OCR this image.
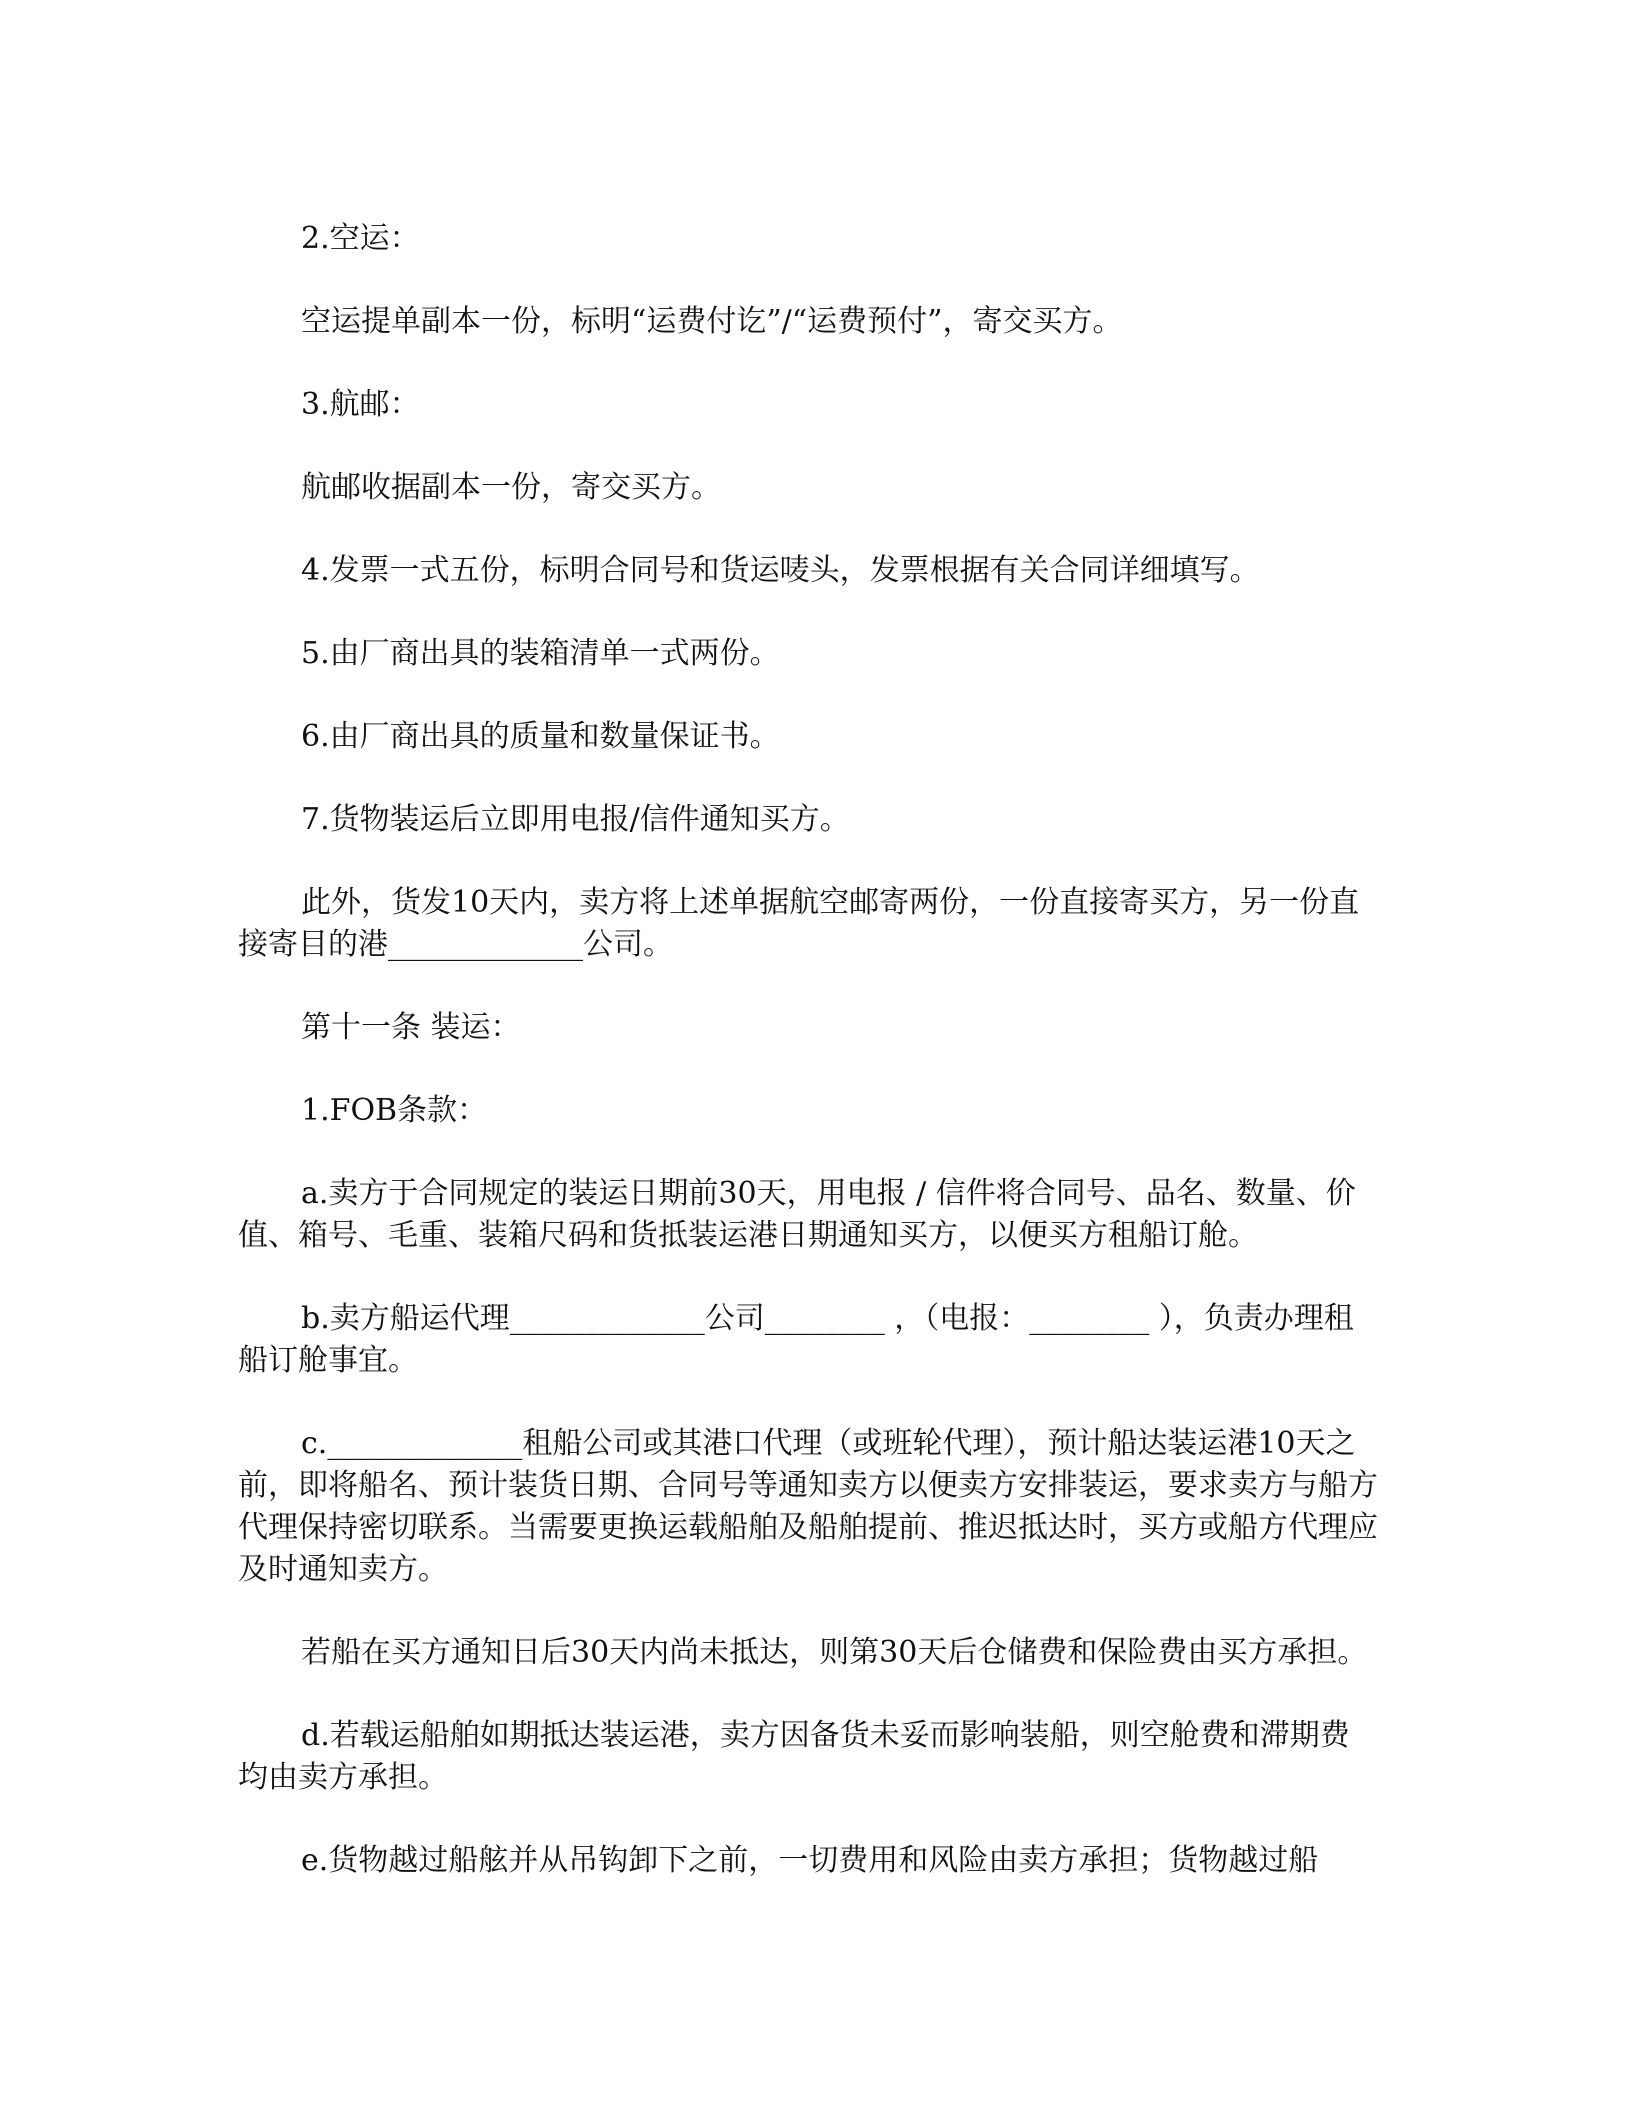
2.空运：

空运提单副本一份，标明“运费付讫”/“运费预付”，寄交买方。

3.航邮：

航邮收据副本一份，寄交买方。

4.发票一式五份，标明合同号和货运唛头，发票根据有关合同详细填写。

5.由厂商出具的装箱清单一式两份。

6.由厂商出具的质量和数量保证书。

7.货物装运后立即用电报/信件通知买方。

此外，货发10天内，卖方将上述单据航空邮寄两份，一份直接寄买方，另一份直接寄目的港_____________公司。

第十一条 装运：

1.FOB条款：

a.卖方于合同规定的装运日期前30天，用电报 / 信件将合同号、品名、数量、价值、箱号、毛重、装箱尺码和货抵装运港日期通知买方，以便买方租船订舱。

b.卖方船运代理_____________公司________ ，（电报：________ ），负责办理租船订舱事宜。

c._____________租船公司或其港口代理（或班轮代理），预计船达装运港10天之前，即将船名、预计装货日期、合同号等通知卖方以便卖方安排装运，要求卖方与船方代理保持密切联系。当需要更换运载船舶及船舶提前、推迟抵达时，买方或船方代理应及时通知卖方。

若船在买方通知日后30天内尚未抵达，则第30天后仓储费和保险费由买方承担。

d.若载运船舶如期抵达装运港，卖方因备货未妥而影响装船，则空舱费和滞期费均由卖方承担。

e.货物越过船舷并从吊钩卸下之前，一切费用和风险由卖方承担；货物越过船
